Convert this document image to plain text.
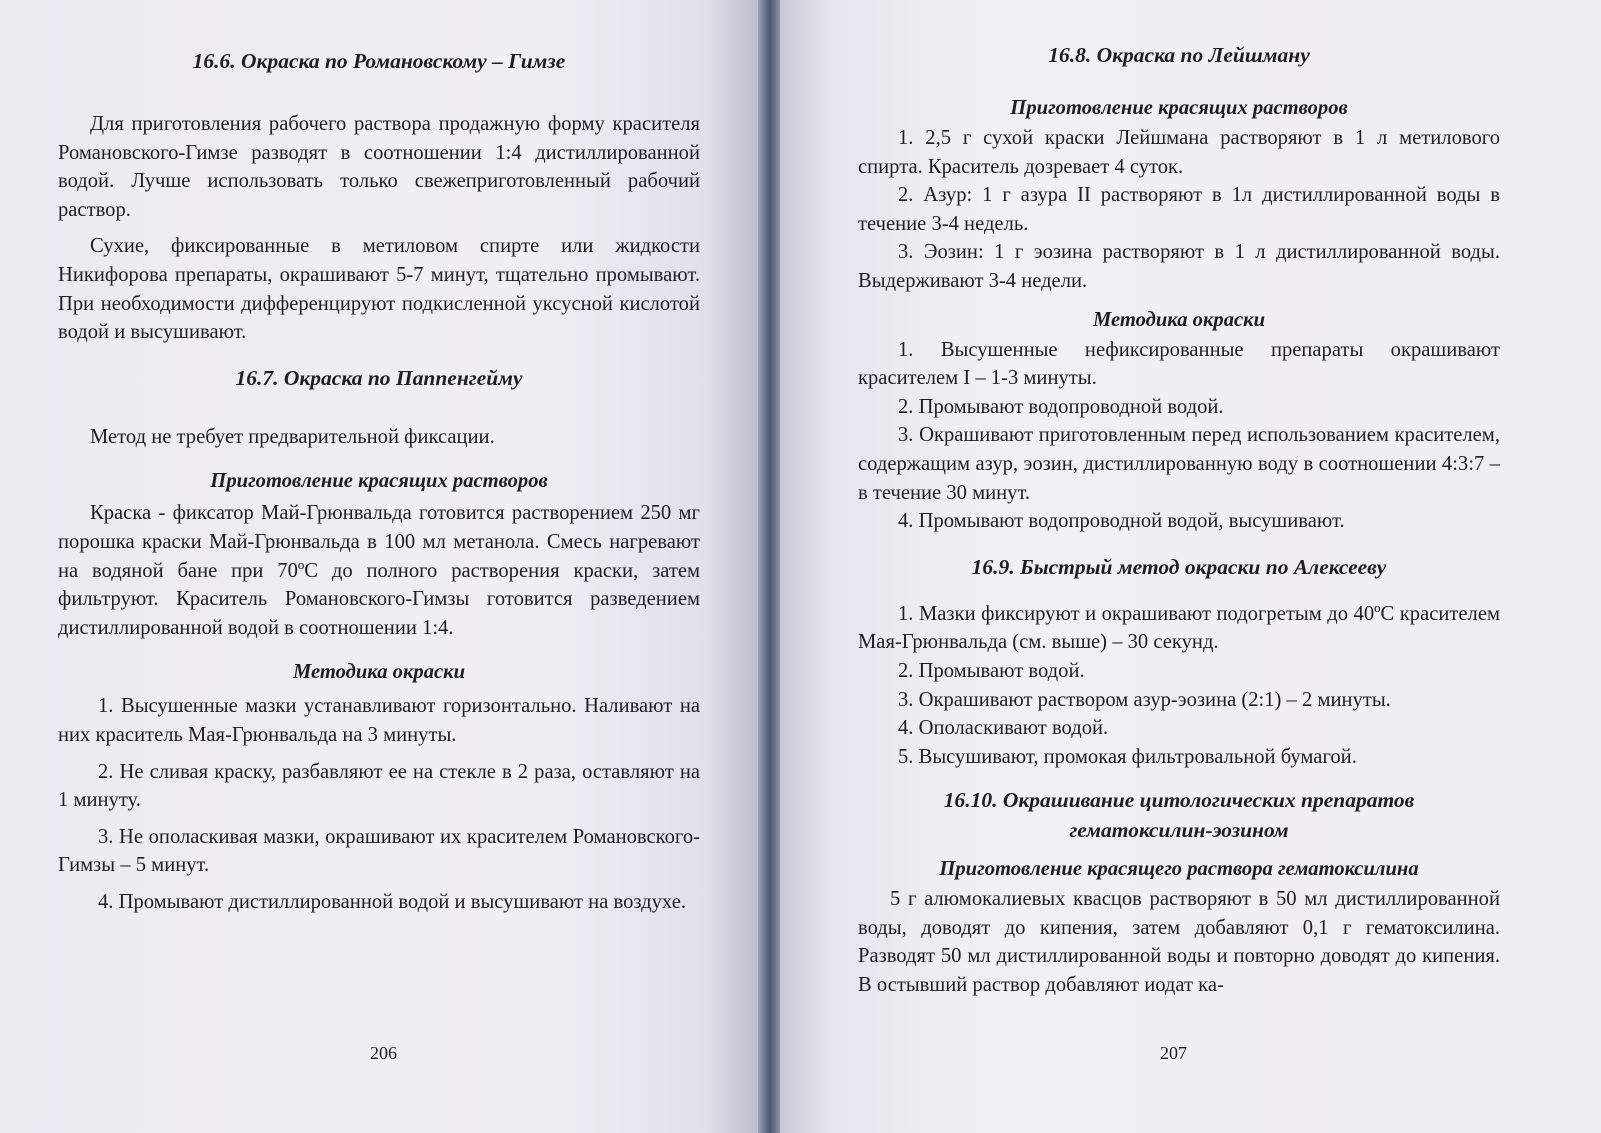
16.6. Окраска по Романовскому – Гимзе

Для приготовления рабочего раствора продажную форму красителя Романовского-Гимзе разводят в соотношении 1:4 дистиллированной водой. Лучше использовать только свежеприготовленный рабочий раствор.

Сухие, фиксированные в метиловом спирте или жидкости Никифорова препараты, окрашивают 5-7 минут, тщательно промывают. При необходимости дифференцируют подкисленной уксусной кислотой водой и высушивают.

16.7. Окраска по Паппенгейму

Метод не требует предварительной фиксации.

Приготовление красящих растворов

Краска - фиксатор Май-Грюнвальда готовится растворением 250 мг порошка краски Май-Грюнвальда в 100 мл метанола. Смесь нагревают на водяной бане при 70ºС до полного растворения краски, затем фильтруют. Краситель Романовского-Гимзы готовится разведением дистиллированной водой в соотношении 1:4.

Методика окраски

1. Высушенные мазки устанавливают горизонтально. Наливают на них краситель Мая-Грюнвальда на 3 минуты.

2. Не сливая краску, разбавляют ее на стекле в 2 раза, оставляют на 1 минуту.

3. Не ополаскивая мазки, окрашивают их красителем Романовского-Гимзы – 5 минут.

4. Промывают дистиллированной водой и высушивают на воздухе.

206
16.8. Окраска по Лейшману
Приготовление красящих растворов

1. 2,5 г сухой краски Лейшмана растворяют в 1 л метилового спирта. Краситель дозревает 4 суток.

2. Азур: 1 г азура II растворяют в 1л дистиллированной воды в течение 3-4 недель.

3. Эозин: 1 г эозина растворяют в 1 л дистиллированной воды. Выдерживают 3-4 недели.

Методика окраски

1. Высушенные нефиксированные препараты окрашивают красителем I – 1-3 минуты.

2. Промывают водопроводной водой.

3. Окрашивают приготовленным перед использованием красителем, содержащим азур, эозин, дистиллированную воду в соотношении 4:3:7 – в течение 30 минут.

4. Промывают водопроводной водой, высушивают.

16.9. Быстрый метод окраски по Алексееву

1. Мазки фиксируют и окрашивают подогретым до 40ºС красителем Мая-Грюнвальда (см. выше) – 30 секунд.

2. Промывают водой.

3. Окрашивают раствором азур-эозина (2:1) – 2 минуты.

4. Ополаскивают водой.

5. Высушивают, промокая фильтровальной бумагой.

16.10. Окрашивание цитологических препаратов
гематоксилин-эозином
Приготовление красящего раствора гематоксилина

5 г алюмокалиевых квасцов растворяют в 50 мл дистиллированной воды, доводят до кипения, затем добавляют 0,1 г гематоксилина. Разводят 50 мл дистиллированной воды и повторно доводят до кипения. В остывший раствор добавляют иодат ка-

207
